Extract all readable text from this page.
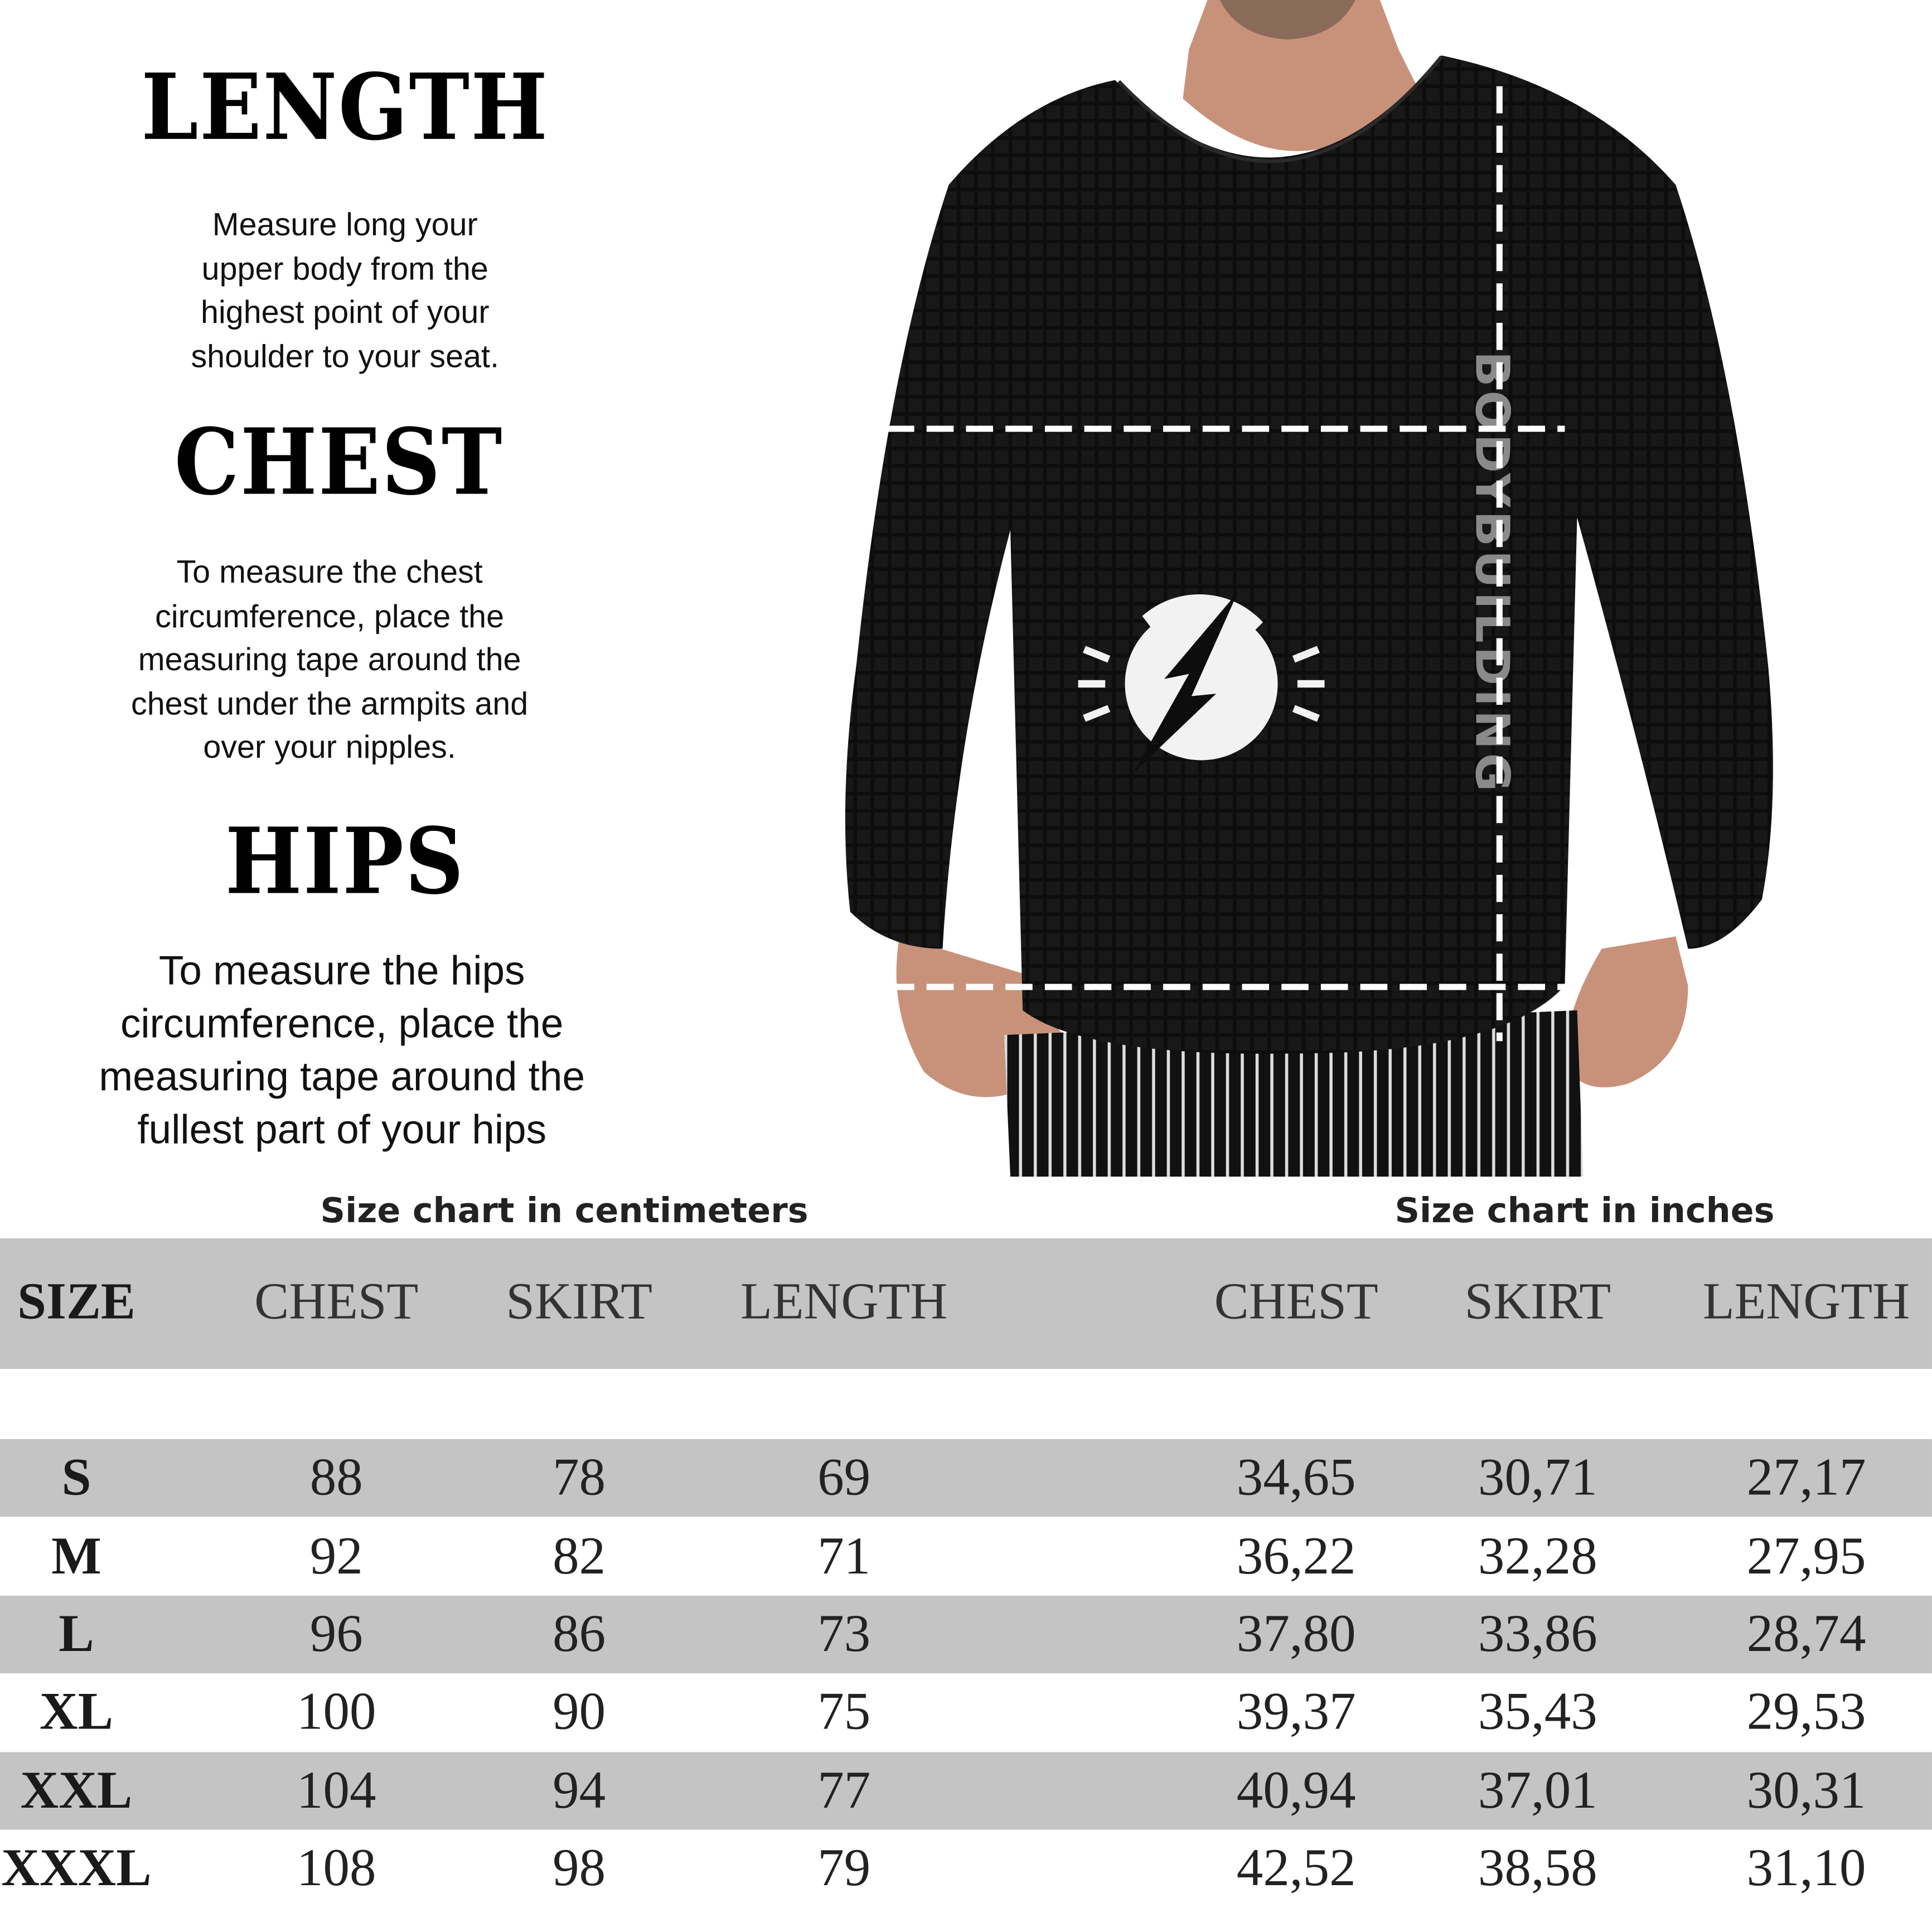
LENGTH
Measure long your
upper body from the
highest point of your
shoulder to your seat.
CHEST
To measure the chest
circumference, place the
measuring tape around the
chest under the armpits and
over your nipples.
HIPS
To measure the hips
circumference, place the
measuring tape around the
fullest part of your hips
BODYBUILDING
Size chart in centimeters	Size chart in inches
SIZE	CHEST	SKIRT	LENGTH	CHEST	SKIRT	LENGTH
S	88	78	69	34,65	30,71	27,17
M	92	82	71	36,22	32,28	27,95
L	96	86	73	37,80	33,86	28,74
XL	100	90	75	39,37	35,43	29,53
XXL	104	94	77	40,94	37,01	30,31
XXXL	108	98	79	42,52	38,58	31,10
